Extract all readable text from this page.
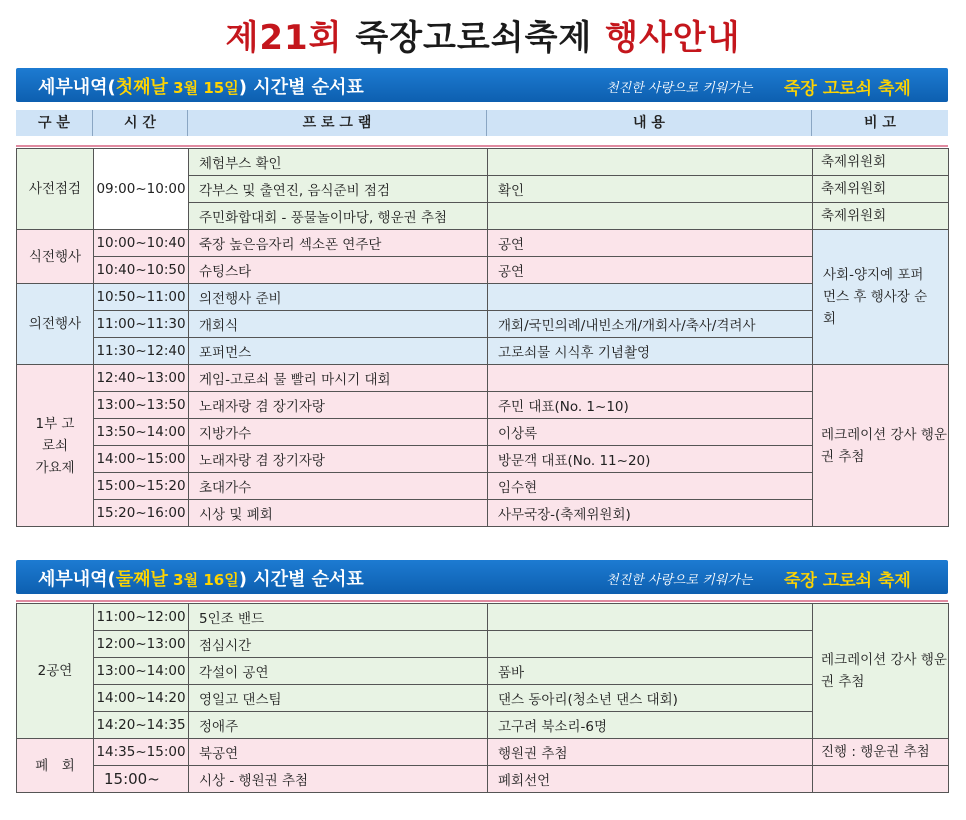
제21회 죽장고로쇠축제 행사안내
세부내역(첫째날 3월 15일) 시간별 순서표	천진한 사랑으로 키워가는 죽장 고로쇠 축제
구 분	시 간	프 로 그 램	내 용	비 고
사전점검	09:00~10:00	체험부스 확인		축제위원회
		각부스 및 출연진, 음식준비 점검	확인	축제위원회
		주민화합대회 - 풍물놀이마당, 행운권 추첨		축제위원회
식전행사	10:00~10:40	죽장 높은음자리 섹소폰 연주단	공연	사회-양지예 포퍼먼스 후 행사장 순회
	10:40~10:50	슈팅스타	공연	
의전행사	10:50~11:00	의전행사 준비		
	11:00~11:30	개회식	개회/국민의례/내빈소개/개회사/축사/격려사	
	11:30~12:40	포퍼먼스	고로쇠물 시식후 기념촬영	
1부 고로쇠 가요제	12:40~13:00	게임-고로쇠 물 빨리 마시기 대회		레크레이션 강사 행운권 추첨
	13:00~13:50	노래자랑 겸 장기자랑	주민 대표(No. 1~10)	
	13:50~14:00	지방가수	이상록	
	14:00~15:00	노래자랑 겸 장기자랑	방문객 대표(No. 11~20)	
	15:00~15:20	초대가수	임수현	
	15:20~16:00	시상 및 폐회	사무국장-(축제위원회)	
세부내역(둘째날 3월 16일) 시간별 순서표	천진한 사랑으로 키워가는 죽장 고로쇠 축제
2공연	11:00~12:00	5인조 밴드		레크레이션 강사 행운권 추첨
	12:00~13:00	점심시간		
	13:00~14:00	각설이 공연	품바	
	14:00~14:20	영일고 댄스팀	댄스 동아리(청소년 댄스 대회)	
	14:20~14:35	정애주	고구려 북소리-6명	
폐　회	14:35~15:00	북공연	행원권 추첨	진행 : 행운권 추첨
	15:00~	시상 - 행원권 추첨	폐회선언	
